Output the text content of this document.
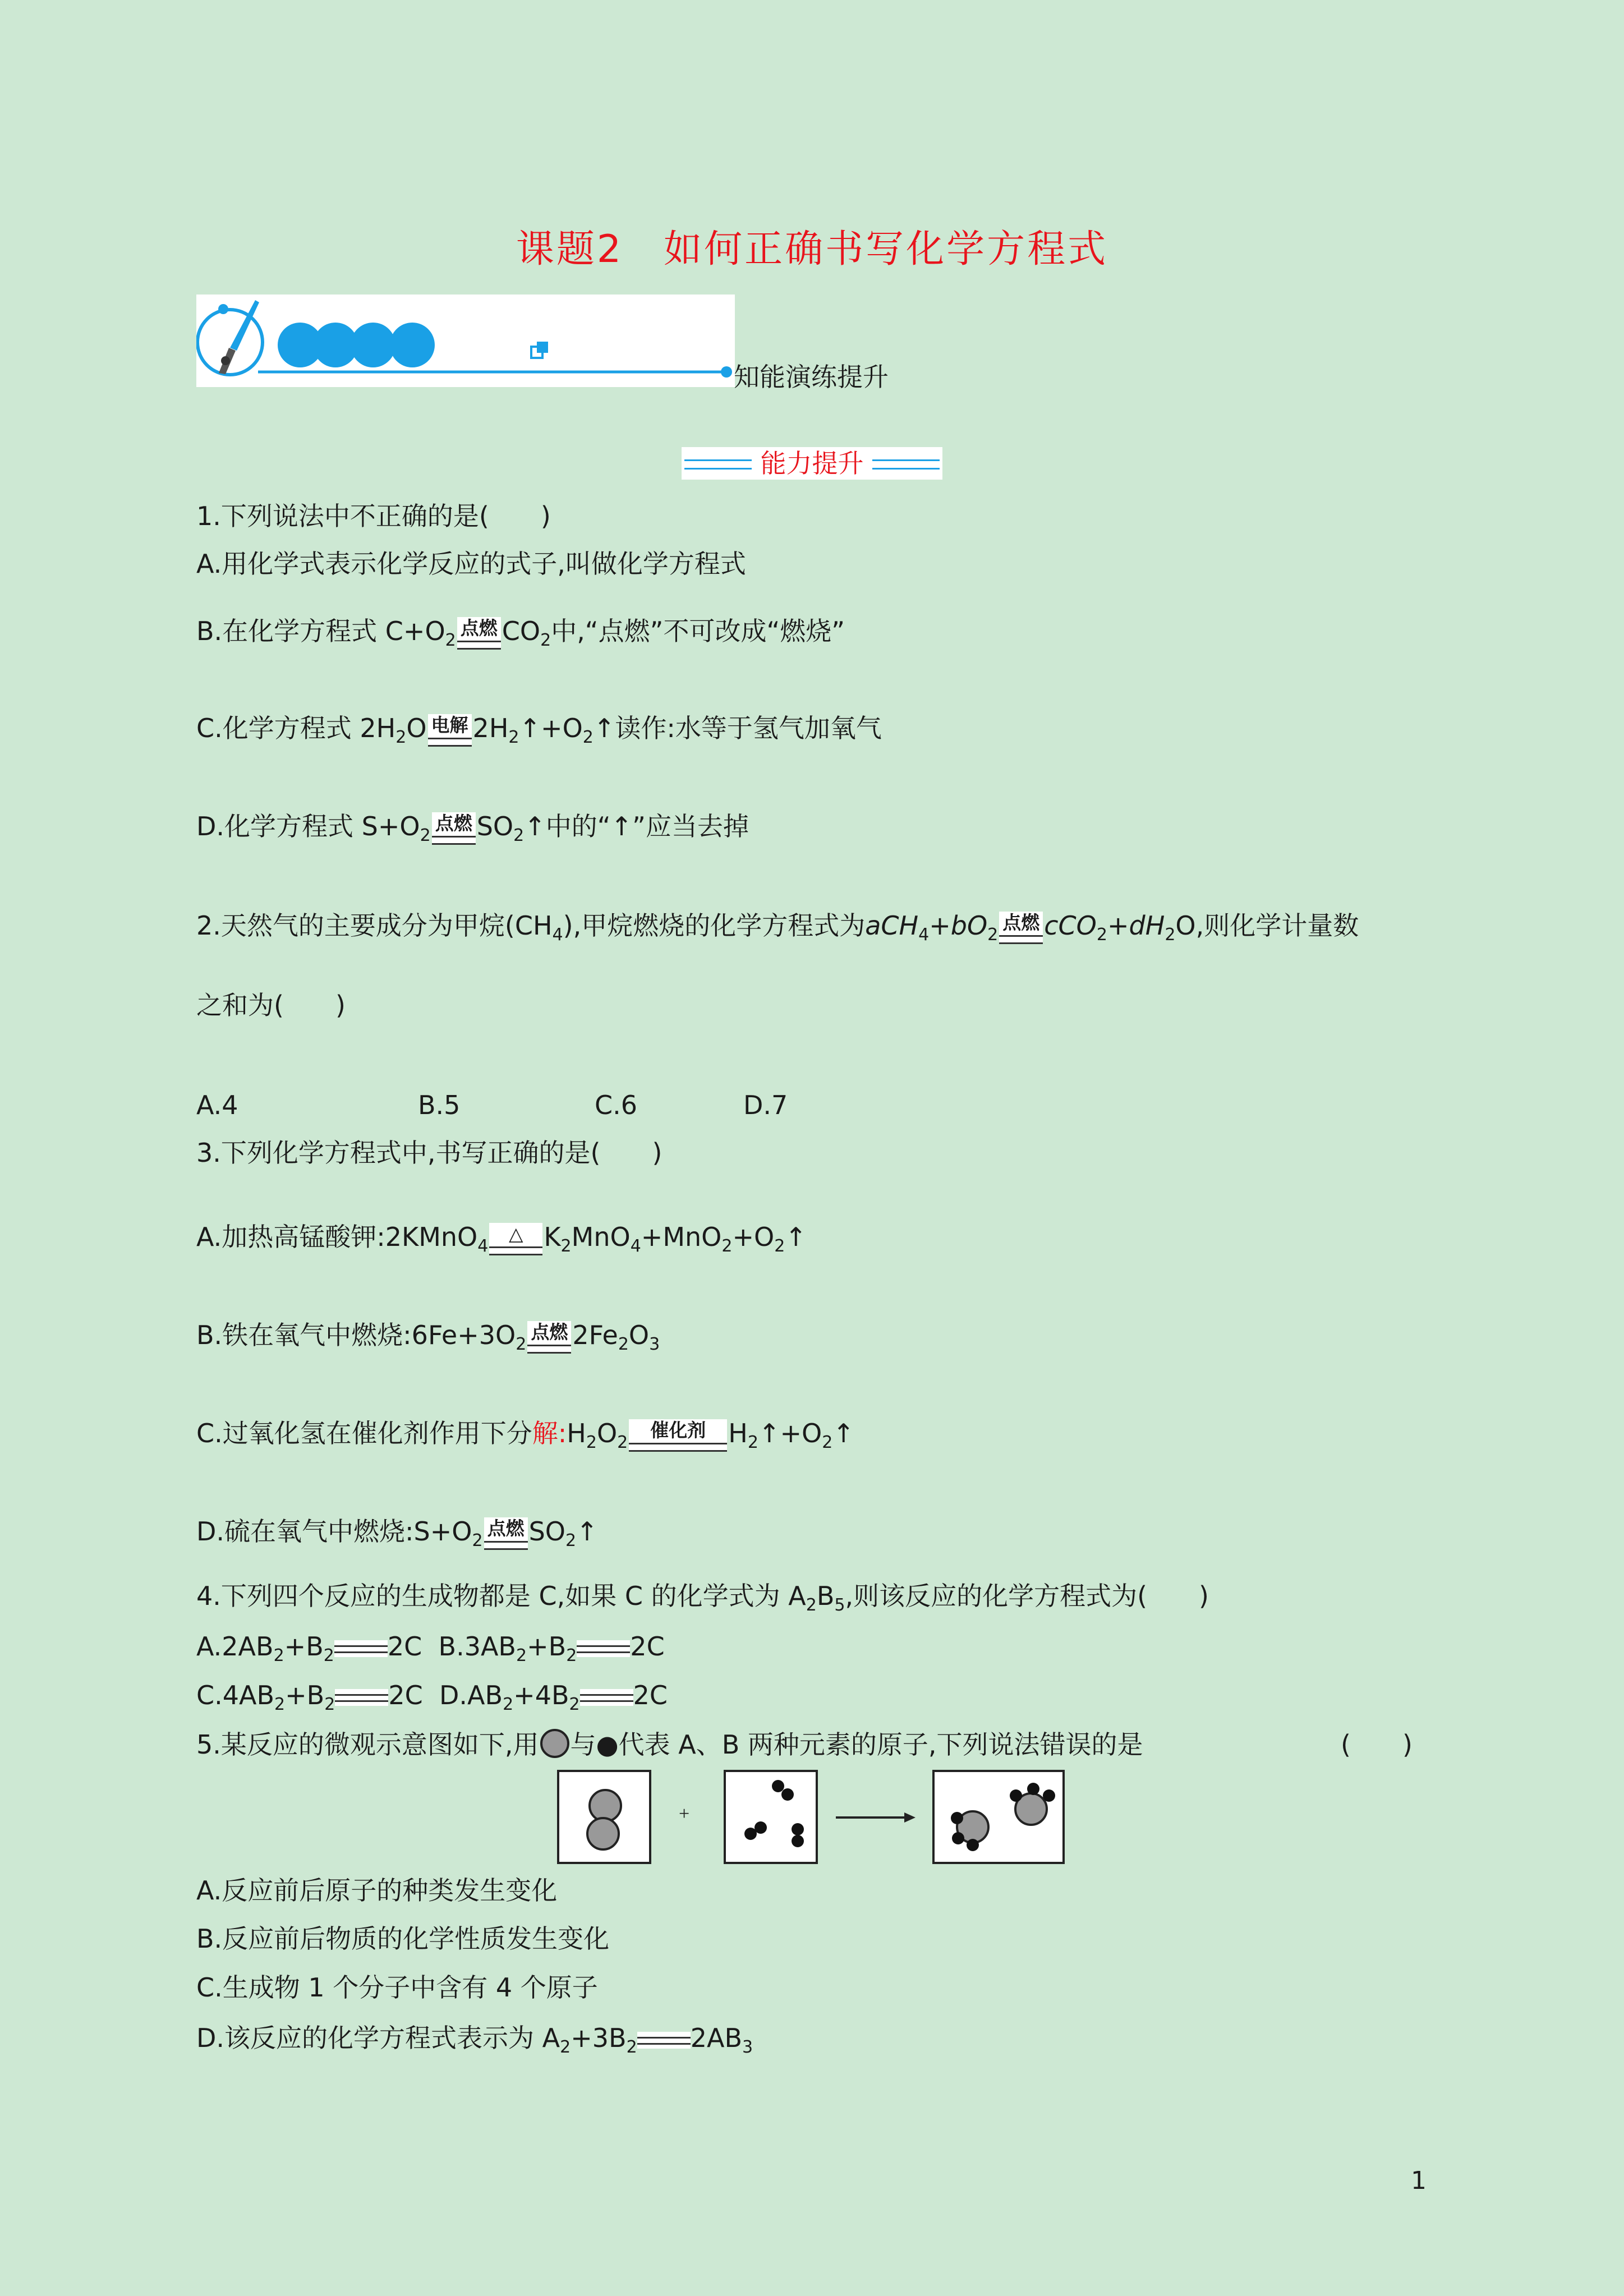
课题2　如何正确书写化学方程式
知能演练提升
能力提升
1.下列说法中不正确的是(　　)
A.用化学式表示化学反应的式子,叫做化学方程式
B.在化学方程式 $C+O_2$
点燃 $CO_2$中,“点燃”不可改成“燃烧”
C.化学方程式 $2H_2O$ 电解 $2H_2↑+O_2↑$读作:水等于氢气加氧气
D.化学方程式 $S+O_2$
点燃 $SO_2↑$中的“↑”应当去掉
2.天然气的主要成分为甲烷$(CH_4)$,甲烷燃烧的化学方程式为$aCH_4+bO_2$
点燃 $cCO_2+dH_2O$,则化学计量数
之和为(　　)
A.4	B.5	C.6	D.7
3.下列化学方程式中,书写正确的是(　　)
A.加热高锰酸钾:2KMnO$_4$
△ $K_2MnO_4+MnO_2+O_2↑$
B.铁在氧气中燃烧$:6Fe+3O_2$
点燃 $2Fe_2O_3$
C.过氧化氢在催化剂作用下分解$:H_2O_2$
催化剂 $H_2↑+O_2↑$
D.硫在氧气中燃烧$:S+O_2$
点燃 $SO_2↑$
4.下列四个反应的生成物都是 C,如果 C 的化学式为 $A_2B_5$,则该反应的化学方程式为(　　)
$A.2AB_2+B_2$ 2C $B.3AB_2+B_2$ 2C
$C.4AB_2+B_2$ 2C $D.AB_2+4B_2$ 2C
5.某反应的微观示意图如下,用 与●代表 A、B 两种元素的原子,下列说法错误的是	(　　)
+
A.反应前后原子的种类发生变化
B.反应前后物质的化学性质发生变化
C.生成物 1 个分子中含有 4 个原子
D.该反应的化学方程式表示为 $A_2+3B_2$ $2AB_3$
1
